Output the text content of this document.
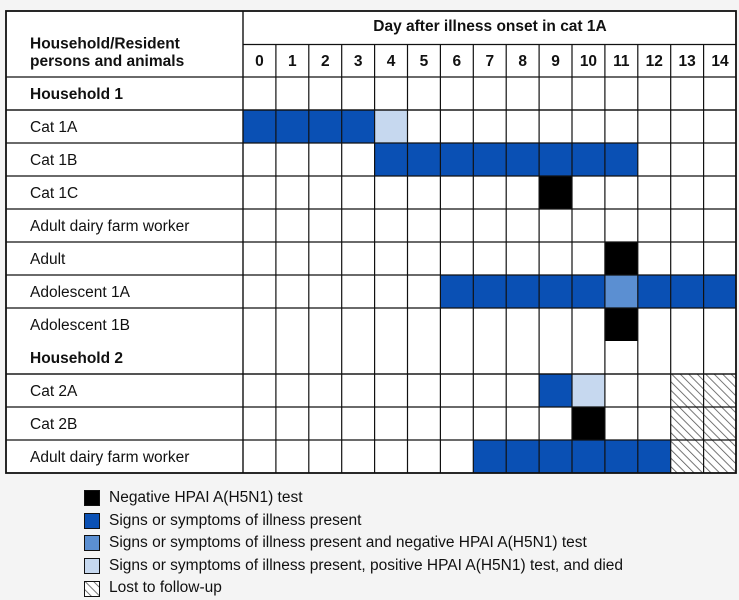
Household/Resident
persons and animals
Day after illness onset in cat 1A
0 1 2 3 4 5 6 7 8 9 10 11 12 13 14
Household 1
Household 2
Cat 1A
Cat 1B
Cat 1C
Adult dairy farm worker
Adult
Adolescent 1A
Adolescent 1B
Cat 2A
Cat 2B
Adult dairy farm worker
Negative HPAI A(H5N1) test
Signs or symptoms of illness present
Signs or symptoms of illness present and negative HPAI A(H5N1) test
Signs or symptoms of illness present, positive HPAI A(H5N1) test, and died
Lost to follow-up
